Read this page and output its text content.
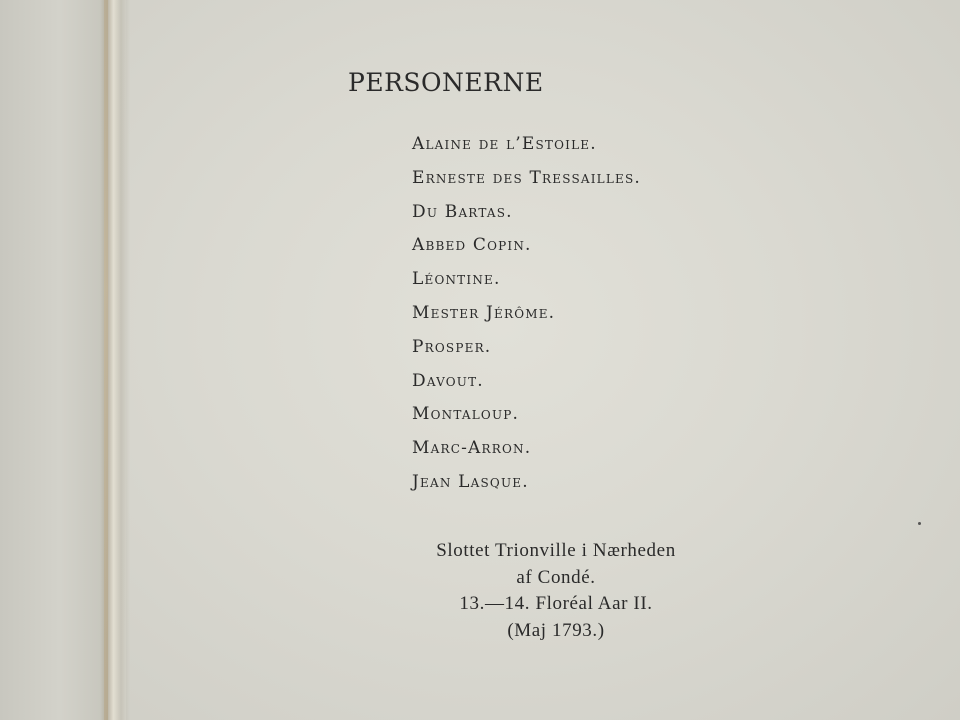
PERSONERNE
Alaine de l’Estoile.
Erneste des Tressailles.
Du Bartas.
Abbed Copin.
Léontine.
Mester Jérôme.
Prosper.
Davout.
Montaloup.
Marc-Arron.
Jean Lasque.
Slottet Trionville i Nærheden
af Condé.
13.—14. Floréal Aar II.
(Maj 1793.)
